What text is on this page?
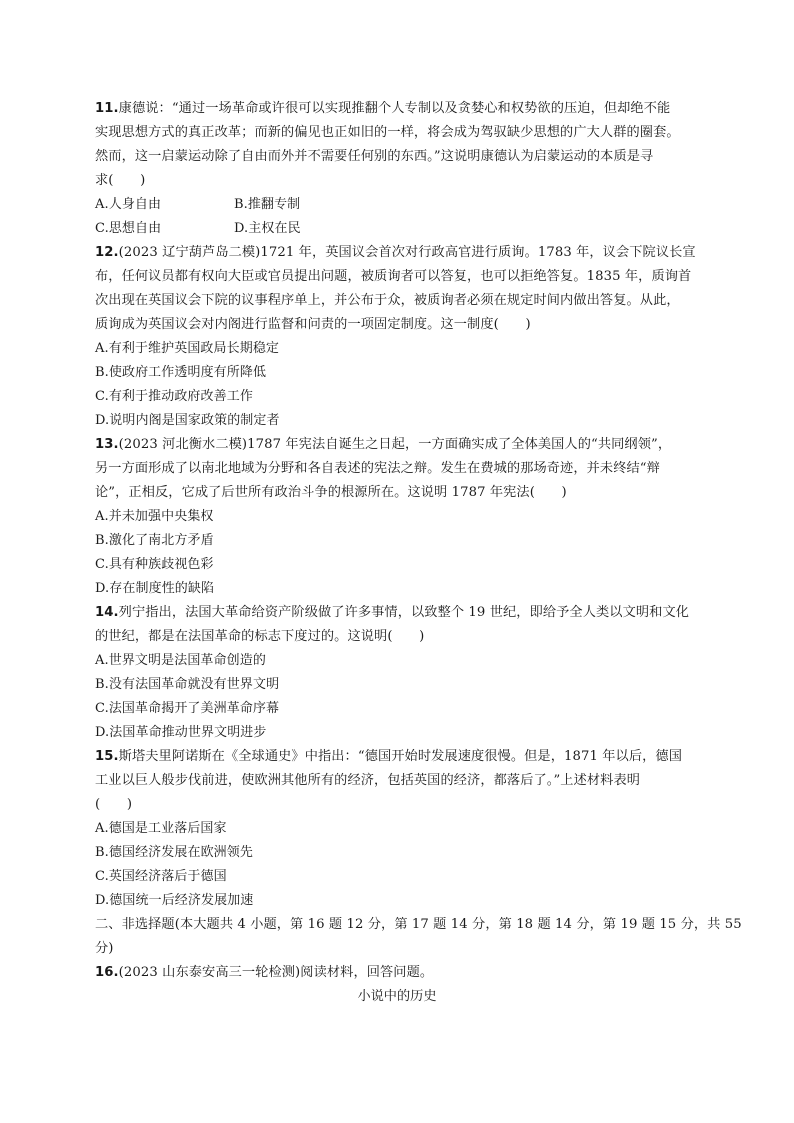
11.康德说：“通过一场革命或许很可以实现推翻个人专制以及贪婪心和权势欲的压迫，但却绝不能
实现思想方式的真正改革；而新的偏见也正如旧的一样，将会成为驾驭缺少思想的广大人群的圈套。
然而，这一启蒙运动除了自由而外并不需要任何别的东西。”这说明康德认为启蒙运动的本质是寻
求(　　)
A.人身自由	B.推翻专制
C.思想自由	D.主权在民
12.(2023 辽宁葫芦岛二模)1721 年，英国议会首次对行政高官进行质询。1783 年，议会下院议长宣
布，任何议员都有权向大臣或官员提出问题，被质询者可以答复，也可以拒绝答复。1835 年，质询首
次出现在英国议会下院的议事程序单上，并公布于众，被质询者必须在规定时间内做出答复。从此，
质询成为英国议会对内阁进行监督和问责的一项固定制度。这一制度(　　)
A.有利于维护英国政局长期稳定
B.使政府工作透明度有所降低
C.有利于推动政府改善工作
D.说明内阁是国家政策的制定者
13.(2023 河北衡水二模)1787 年宪法自诞生之日起，一方面确实成了全体美国人的“共同纲领”，
另一方面形成了以南北地域为分野和各自表述的宪法之辩。发生在费城的那场奇迹，并未终结“辩
论”，正相反，它成了后世所有政治斗争的根源所在。这说明 1787 年宪法(　　)
A.并未加强中央集权
B.激化了南北方矛盾
C.具有种族歧视色彩
D.存在制度性的缺陷
14.列宁指出，法国大革命给资产阶级做了许多事情，以致整个 19 世纪，即给予全人类以文明和文化
的世纪，都是在法国革命的标志下度过的。这说明(　　)
A.世界文明是法国革命创造的
B.没有法国革命就没有世界文明
C.法国革命揭开了美洲革命序幕
D.法国革命推动世界文明进步
15.斯塔夫里阿诺斯在《全球通史》中指出：“德国开始时发展速度很慢。但是，1871 年以后，德国
工业以巨人般步伐前进，使欧洲其他所有的经济，包括英国的经济，都落后了。”上述材料表明
(　　)
A.德国是工业落后国家
B.德国经济发展在欧洲领先
C.英国经济落后于德国
D.德国统一后经济发展加速
二、非选择题(本大题共 4 小题，第 16 题 12 分，第 17 题 14 分，第 18 题 14 分，第 19 题 15 分，共 55
分)
16.(2023 山东泰安高三一轮检测)阅读材料，回答问题。
小说中的历史
